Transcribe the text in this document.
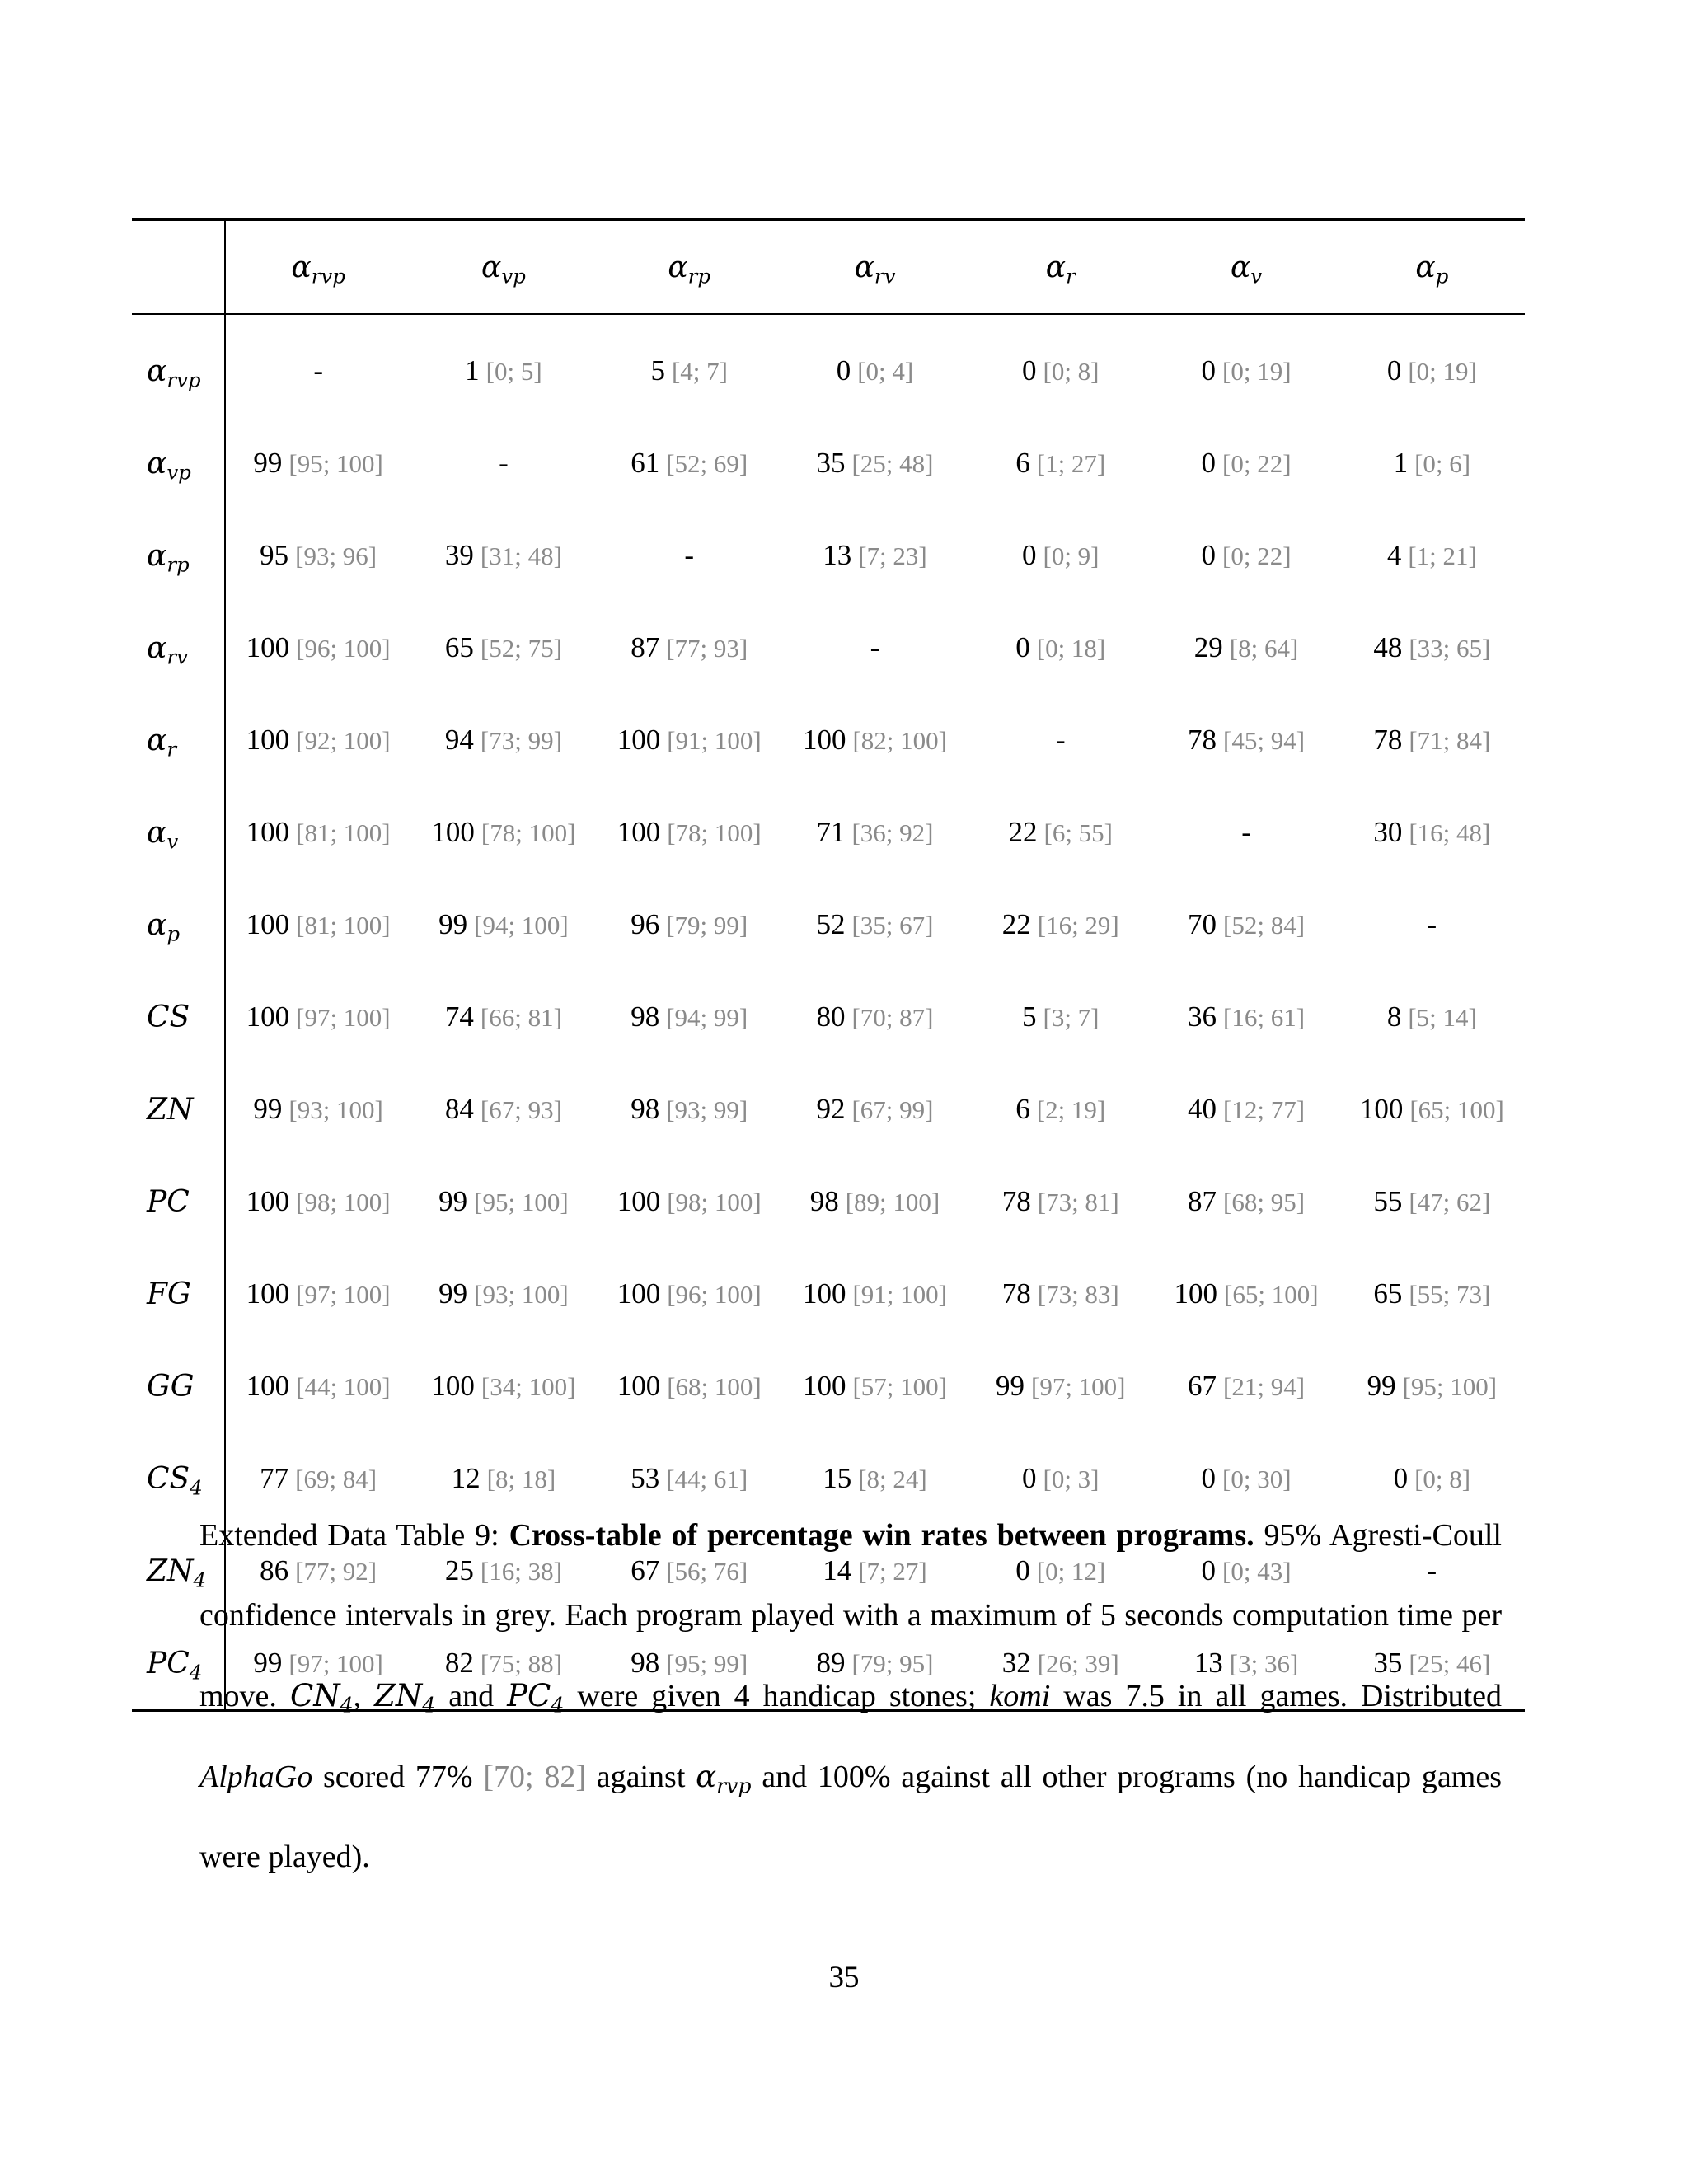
	$\alpha_{rvp}$	$\alpha_{vp}$	$\alpha_{rp}$	$\alpha_{rv}$	$\alpha_r$	$\alpha_v$	$\alpha_p$
$\alpha_{rvp}$	-	1 [0; 5]	5 [4; 7]	0 [0; 4]	0 [0; 8]	0 [0; 19]	0 [0; 19]
$\alpha_{vp}$	99 [95; 100]	-	61 [52; 69]	35 [25; 48]	6 [1; 27]	0 [0; 22]	1 [0; 6]
$\alpha_{rp}$	95 [93; 96]	39 [31; 48]	-	13 [7; 23]	0 [0; 9]	0 [0; 22]	4 [1; 21]
$\alpha_{rv}$	100 [96; 100]	65 [52; 75]	87 [77; 93]	-	0 [0; 18]	29 [8; 64]	48 [33; 65]
$\alpha_r$	100 [92; 100]	94 [73; 99]	100 [91; 100]	100 [82; 100]	-	78 [45; 94]	78 [71; 84]
$\alpha_v$	100 [81; 100]	100 [78; 100]	100 [78; 100]	71 [36; 92]	22 [6; 55]	-	30 [16; 48]
$\alpha_p$	100 [81; 100]	99 [94; 100]	96 [79; 99]	52 [35; 67]	22 [16; 29]	70 [52; 84]	-
CS	100 [97; 100]	74 [66; 81]	98 [94; 99]	80 [70; 87]	5 [3; 7]	36 [16; 61]	8 [5; 14]
ZN	99 [93; 100]	84 [67; 93]	98 [93; 99]	92 [67; 99]	6 [2; 19]	40 [12; 77]	100 [65; 100]
PC	100 [98; 100]	99 [95; 100]	100 [98; 100]	98 [89; 100]	78 [73; 81]	87 [68; 95]	55 [47; 62]
FG	100 [97; 100]	99 [93; 100]	100 [96; 100]	100 [91; 100]	78 [73; 83]	100 [65; 100]	65 [55; 73]
GG	100 [44; 100]	100 [34; 100]	100 [68; 100]	100 [57; 100]	99 [97; 100]	67 [21; 94]	99 [95; 100]
$CS_4$	77 [69; 84]	12 [8; 18]	53 [44; 61]	15 [8; 24]	0 [0; 3]	0 [0; 30]	0 [0; 8]
$ZN_4$	86 [77; 92]	25 [16; 38]	67 [56; 76]	14 [7; 27]	0 [0; 12]	0 [0; 43]	-
$PC_4$	99 [97; 100]	82 [75; 88]	98 [95; 99]	89 [79; 95]	32 [26; 39]	13 [3; 36]	35 [25; 46]
Extended Data Table 9: Cross-table of percentage win rates between programs. 95% Agresti-Coull confidence intervals in grey. Each program played with a maximum of 5 seconds computation time per move. $CN_4$, $ZN_4$ and $PC_4$ were given 4 handicap stones; komi was 7.5 in all games. Distributed AlphaGo scored 77% [70; 82] against $\alpha_{rvp}$ and 100% against all other programs (no handicap games were played).
35
